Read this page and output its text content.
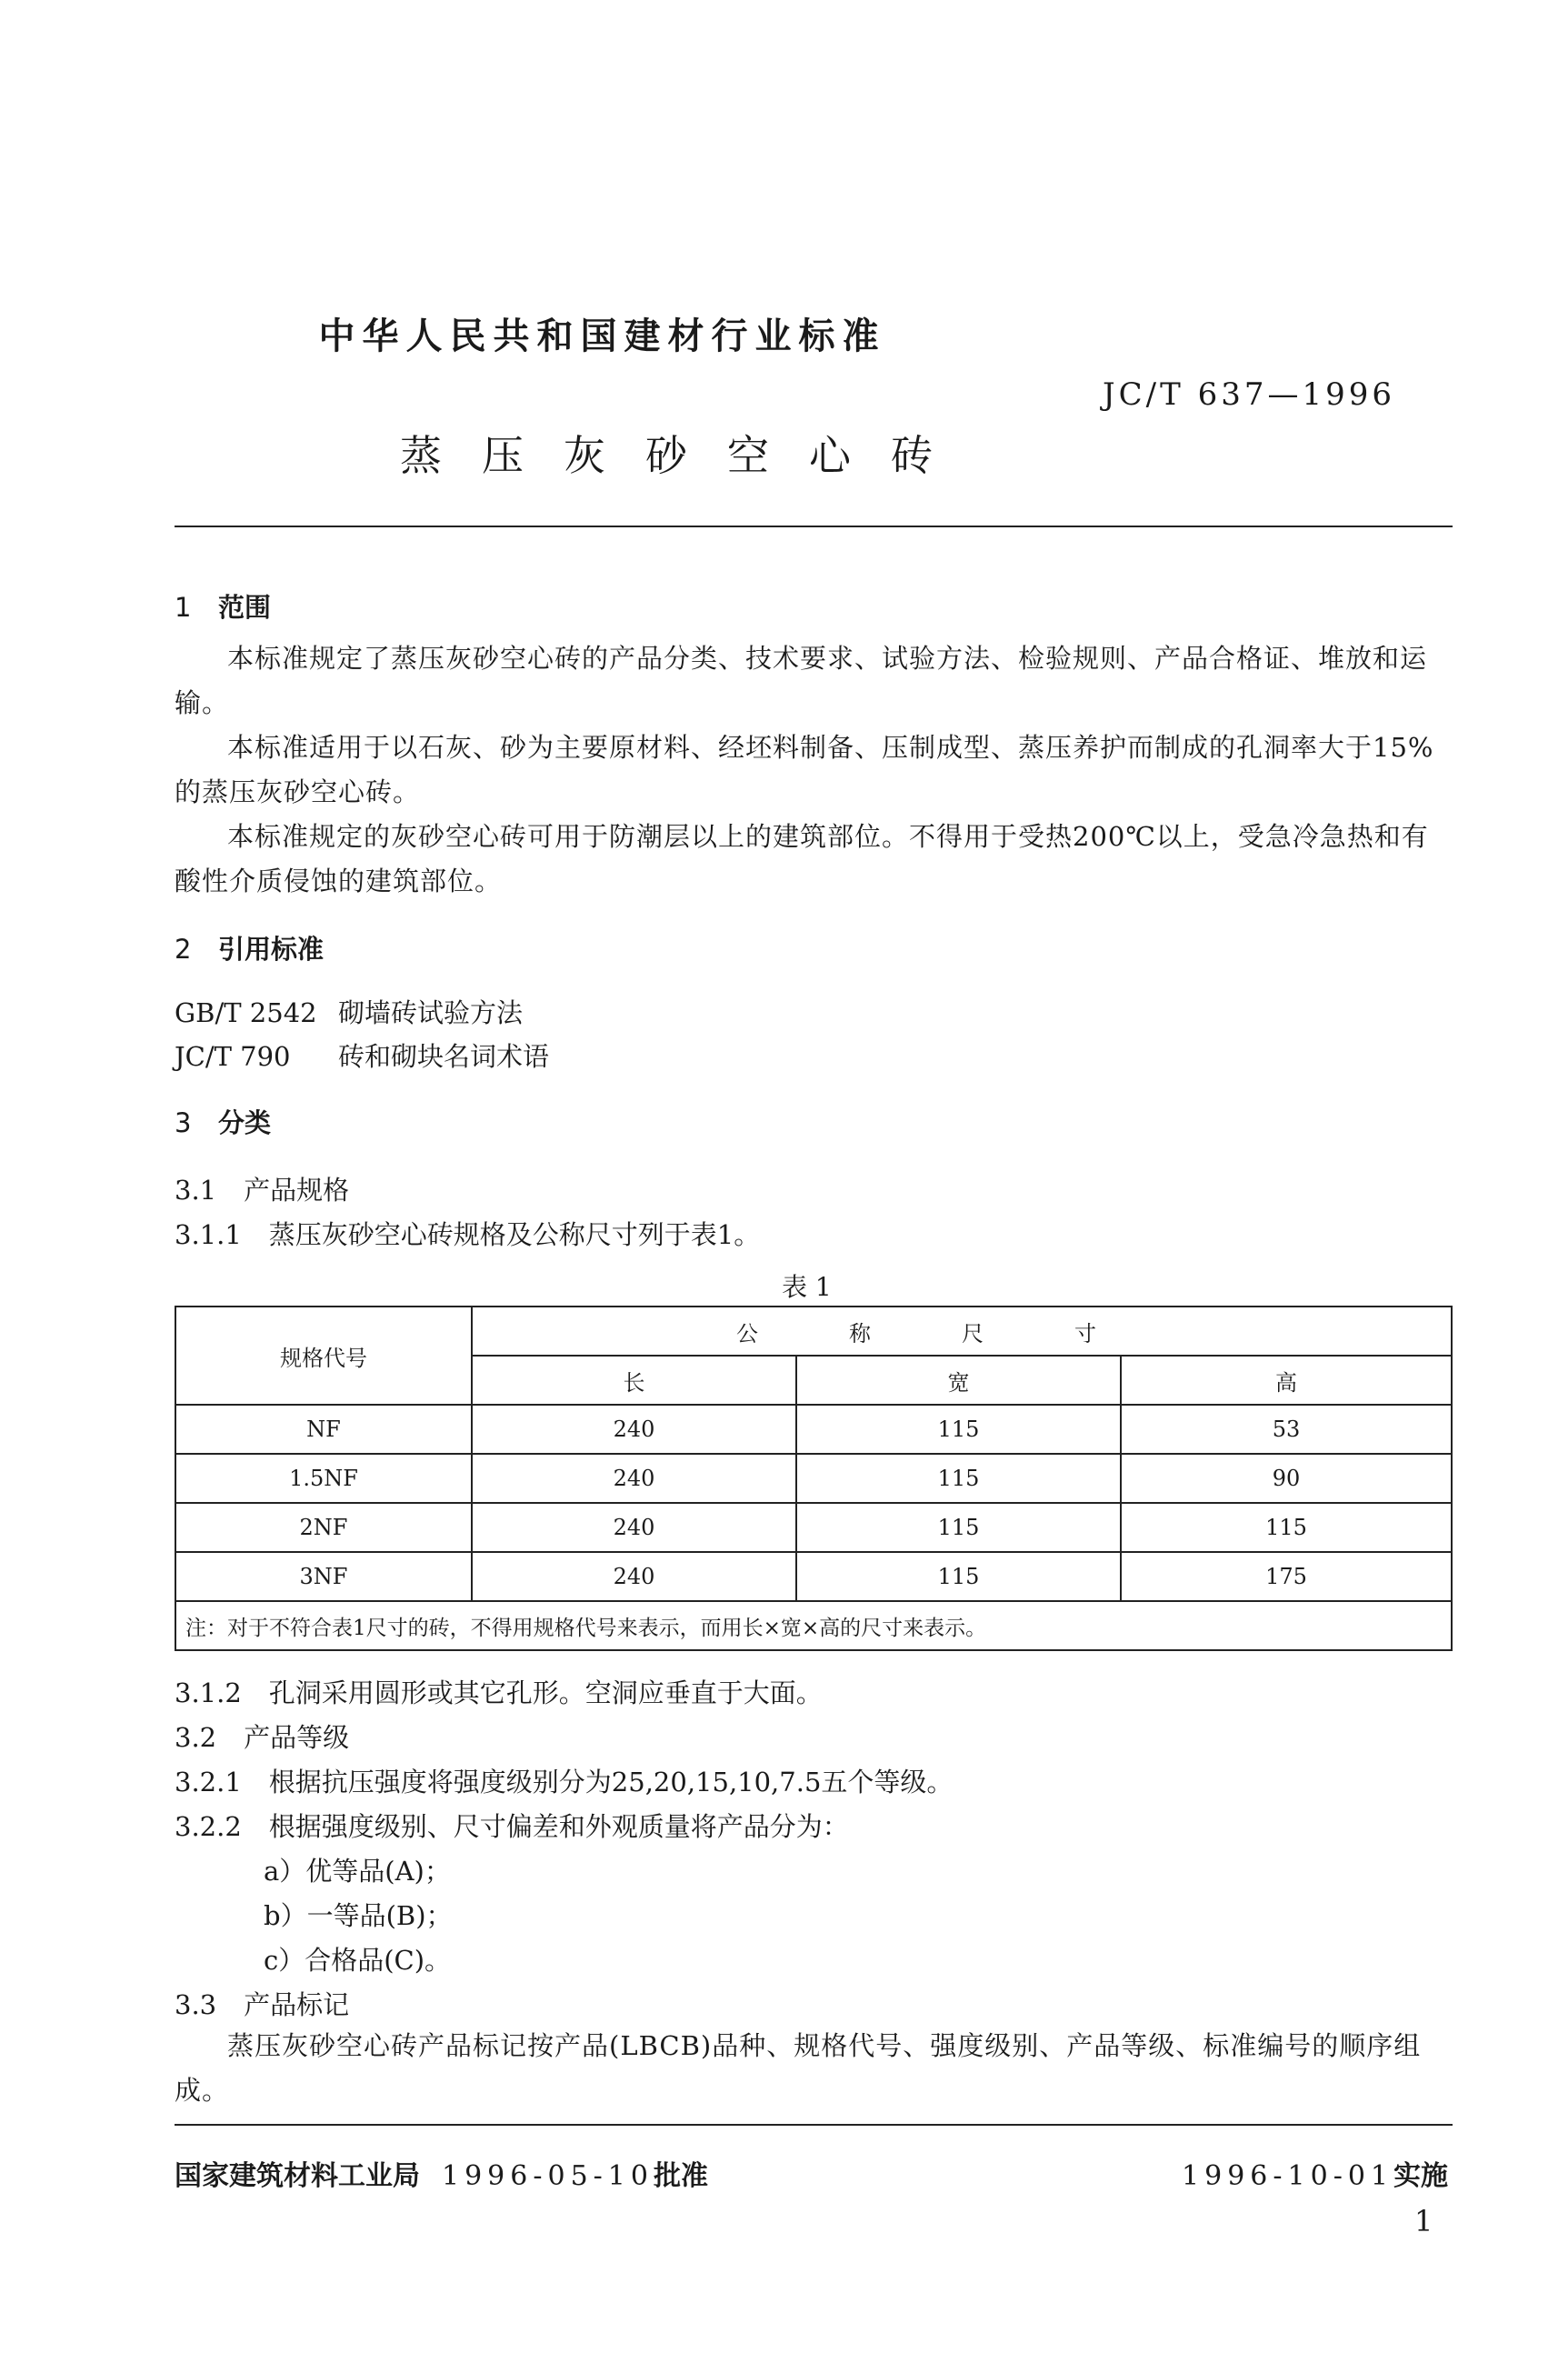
中华人民共和国建材行业标准
JC/T 637—1996
蒸压灰砂空心砖
1 范围
本标准规定了蒸压灰砂空心砖的产品分类、技术要求、试验方法、检验规则、产品合格证、堆放和运输。
本标准适用于以石灰、砂为主要原材料、经坯料制备、压制成型、蒸压养护而制成的孔洞率大于15%的蒸压灰砂空心砖。
本标准规定的灰砂空心砖可用于防潮层以上的建筑部位。不得用于受热200℃以上，受急冷急热和有酸性介质侵蚀的建筑部位。
2 引用标准
GB/T 2542 砌墙砖试验方法
JC/T 790 砖和砌块名词术语
3 分类
3.1 产品规格
3.1.1 蒸压灰砂空心砖规格及公称尺寸列于表1。
表 1
规格代号	公称尺寸		
	长	宽	高
NF	240	115	53
1.5NF	240	115	90
2NF	240	115	115
3NF	240	115	175
注：对于不符合表1尺寸的砖，不得用规格代号来表示，而用长×宽×高的尺寸来表示。			
3.1.2 孔洞采用圆形或其它孔形。空洞应垂直于大面。
3.2 产品等级
3.2.1 根据抗压强度将强度级别分为25,20,15,10,7.5五个等级。
3.2.2 根据强度级别、尺寸偏差和外观质量将产品分为：
a）优等品(A)；
b）一等品(B)；
c）合格品(C)。
3.3 产品标记
蒸压灰砂空心砖产品标记按产品(LBCB)品种、规格代号、强度级别、产品等级、标准编号的顺序组成。
国家建筑材料工业局 1996-05-10批准	1996-10-01实施
1
